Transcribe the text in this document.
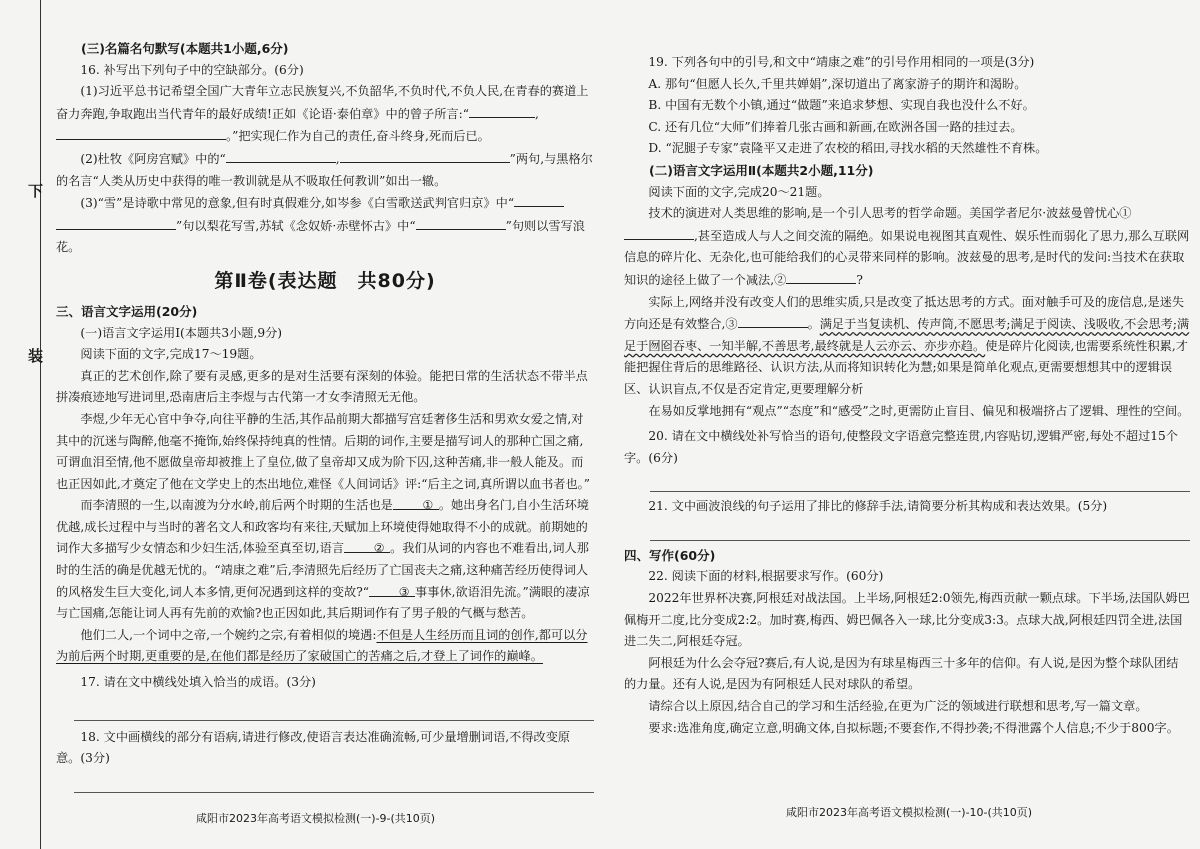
下
装

(三)名篇名句默写(本题共1小题,6分)

16. 补写出下列句子中的空缺部分。(6分)

(1)习近平总书记希望全国广大青年立志民族复兴,不负韶华,不负时代,不负人民,在青春的赛道上奋力奔跑,争取跑出当代青年的最好成绩!正如《论语·泰伯章》中的曾子所言:“	,。”把实现仁作为自己的责任,奋斗终身,死而后已。

(2)杜牧《阿房宫赋》中的“	,	”两句,与黑格尔的名言“人类从历史中获得的唯一教训就是从不吸取任何教训”如出一辙。

(3)“雪”是诗歌中常见的意象,但有时真假难分,如岑参《白雪歌送武判官归京》中“”句以梨花写雪,苏轼《念奴娇·赤壁怀古》中“	”句则以雪写浪花。

第Ⅱ卷(表达题　共80分)

三、语言文字运用(20分)

(一)语言文字运用Ⅰ(本题共3小题,9分)

阅读下面的文字,完成17～19题。

真正的艺术创作,除了要有灵感,更多的是对生活要有深刻的体验。能把日常的生活状态不带半点拼凑痕迹地写进词里,恐南唐后主李煜与古代第一才女李清照无无他。

李煜,少年无心官中争夺,向往平静的生活,其作品前期大都描写宫廷奢侈生活和男欢女爱之情,对其中的沉迷与陶醉,他毫不掩饰,始终保持纯真的性情。后期的词作,主要是描写词人的那种亡国之痛,可谓血泪至情,他不愿做皇帝却被推上了皇位,做了皇帝却又成为阶下囚,这种苦痛,非一般人能及。而也正因如此,才奠定了他在文学史上的杰出地位,难怪《人间词话》评:“后主之词,真所谓以血书者也。”

而李清照的一生,以南渡为分水岭,前后两个时期的生活也是 ① 。她出身名门,自小生活环境优越,成长过程中与当时的著名文人和政客均有来往,天赋加上环境使得她取得不小的成就。前期她的词作大多描写少女情态和少妇生活,体验至真至切,语言 ② 。我们从词的内容也不难看出,词人那时的生活的确是优越无忧的。“靖康之难”后,李清照先后经历了亡国丧夫之痛,这种痛苦经历使得词人的风格发生巨大变化,词人本多情,更何况遇到这样的变故?“ ③ 事事休,欲语泪先流。”满眼的凄凉与亡国痛,怎能让词人再有先前的欢愉?也正因如此,其后期词作有了男子般的气概与愁苦。

他们二人,一个词中之帝,一个婉约之宗,有着相似的境遇:不但是人生经历而且词的创作,都可以分为前后两个时期,更重要的是,在他们都是经历了家破国亡的苦痛之后,才登上了词作的巅峰。

17. 请在文中横线处填入恰当的成语。(3分)

18. 文中画横线的部分有语病,请进行修改,使语言表达准确流畅,可少量增删词语,不得改变原意。(3分)

咸阳市2023年高考语文模拟检测(一)-9-(共10页)

19. 下列各句中的引号,和文中“靖康之难”的引号作用相同的一项是(3分)

A. 那句“但愿人长久,千里共婵娟”,深切道出了离家游子的期许和渴盼。

B. 中国有无数个小镇,通过“做题”来追求梦想、实现自我也没什么不好。

C. 还有几位“大师”们捧着几张古画和新画,在欧洲各国一路的挂过去。

D. “泥腿子专家”袁隆平又走进了农校的稻田,寻找水稻的天然雄性不育株。

(二)语言文字运用Ⅱ(本题共2小题,11分)

阅读下面的文字,完成20～21题。

技术的演进对人类思维的影响,是一个引人思考的哲学命题。美国学者尼尔·波兹曼曾忧心①,甚至造成人与人之间交流的隔绝。如果说电视图其直观性、娱乐性而弱化了思力,那么互联网信息的碎片化、无杂化,也可能给我们的心灵带来同样的影响。波兹曼的思考,是时代的发问:当技术在获取知识的途径上做了一个减法,②	?

实际上,网络并没有改变人们的思维实质,只是改变了抵达思考的方式。面对触手可及的庞信息,是迷失方向还是有效整合,③	。满足于当复读机、传声筒,不愿思考;满足于阅读、浅吸收,不会思考;满足于囫囵吞枣、一知半解,不善思考,最终就是人云亦云、亦步亦趋。使是碎片化阅读,也需要系统性积累,才能把握住背后的思维路径、认识方法,从而将知识转化为慧;如果是简单化观点,更需要想想其中的逻辑误区、认识盲点,不仅是否定肯定,更要理解分析

在易如反掌地拥有“观点”“态度”和“感受”之时,更需防止盲目、偏见和极端挤占了逻辑、理性的空间。

20. 请在文中横线处补写恰当的语句,使整段文字语意完整连贯,内容贴切,逻辑严密,每处不超过15个字。(6分)

21. 文中画波浪线的句子运用了排比的修辞手法,请简要分析其构成和表达效果。(5分)

四、写作(60分)

22. 阅读下面的材料,根据要求写作。(60分)

2022年世界杯决赛,阿根廷对战法国。上半场,阿根廷2:0领先,梅西贡献一颗点球。下半场,法国队姆巴佩梅开二度,比分变成2:2。加时赛,梅西、姆巴佩各入一球,比分变成3:3。点球大战,阿根廷四罚全进,法国进二失二,阿根廷夺冠。

阿根廷为什么会夺冠?赛后,有人说,是因为有球星梅西三十多年的信仰。有人说,是因为整个球队团结的力量。还有人说,是因为有阿根廷人民对球队的希望。

请综合以上原因,结合自己的学习和生活经验,在更为广泛的领域进行联想和思考,写一篇文章。

要求:选准角度,确定立意,明确文体,自拟标题;不要套作,不得抄袭;不得泄露个人信息;不少于800字。

咸阳市2023年高考语文模拟检测(一)-10-(共10页)
